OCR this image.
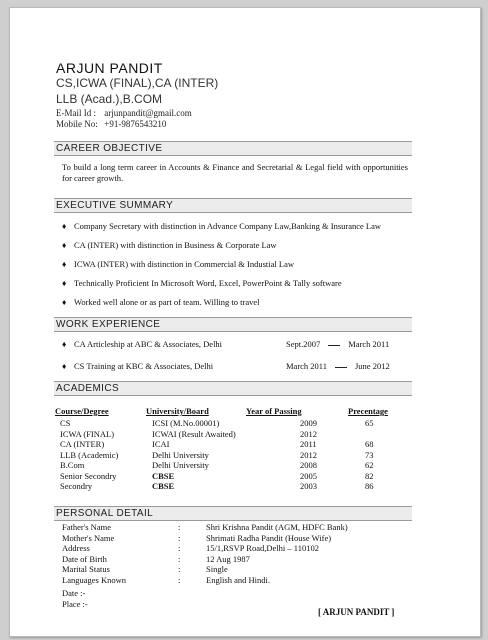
ARJUN PANDIT
CS,ICWA (FINAL),CA (INTER)
LLB (Acad.),B.COM
E-Mail Id : arjunpandit@gmail.com
Mobile No: +91-9876543210
CAREER OBJECTIVE
To build a long term career in Accounts & Finance and Secretarial & Legal field with opportunities for career growth.
EXECUTIVE SUMMARY
♦ Company Secretary with distinction in Advance Company Law,Banking & Insurance Law
♦ CA (INTER) with distinction in Business & Corporate Law
♦ ICWA (INTER) with distinction in Commercial & Industial Law
♦ Technically Proficient In Microsoft Word, Excel, PowerPoint & Tally software
♦ Worked well alone or as part of team. Willing to travel
WORK EXPERIENCE
♦ CA Articleship at ABC & Associates, Delhi	Sept.2007	March 2011
♦ CS Training at KBC & Associates, Delhi	March 2011	June 2012
ACADEMICS
Course/Degree	University/Board	Year of Passing	Precentage
CS	ICSI (M.No.00001)	2009	65
ICWA (FINAL)	ICWAI (Result Awaited)	2012
CA (INTER)	ICAI	2011	68
LLB (Academic)	Delhi University	2012	73
B.Com	Delhi University	2008	62
Senior Secondry	CBSE	2005	82
Secondry	CBSE	2003	86
PERSONAL DETAIL
Father's Name	:	Shri Krishna Pandit (AGM, HDFC Bank)
Mother's Name	:	Shrimati Radha Pandit (House Wife)
Address	:	15/1,RSVP Road,Delhi – 110102
Date of Birth	:	12 Aug 1987
Marital Status	:	Single
Languages Known	:	English and Hindi.
Date :-
Place :-
[ ARJUN PANDIT ]
